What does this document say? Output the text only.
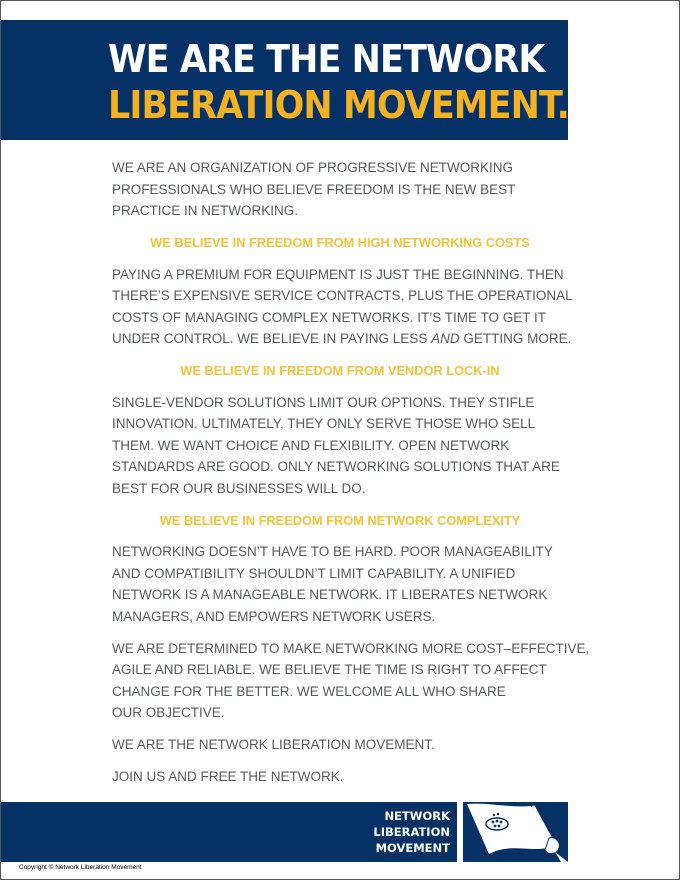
WE ARE THE NETWORK
LIBERATION MOVEMENT.

WE ARE AN ORGANIZATION OF PROGRESSIVE NETWORKING
PROFESSIONALS WHO BELIEVE FREEDOM IS THE NEW BEST
PRACTICE IN NETWORKING.

WE BELIEVE IN FREEDOM FROM HIGH NETWORKING COSTS

PAYING A PREMIUM FOR EQUIPMENT IS JUST THE BEGINNING. THEN
THERE’S EXPENSIVE SERVICE CONTRACTS, PLUS THE OPERATIONAL
COSTS OF MANAGING COMPLEX NETWORKS. IT’S TIME TO GET IT
UNDER CONTROL. WE BELIEVE IN PAYING LESS AND GETTING MORE.

WE BELIEVE IN FREEDOM FROM VENDOR LOCK-IN

SINGLE-VENDOR SOLUTIONS LIMIT OUR OPTIONS. THEY STIFLE
INNOVATION. ULTIMATELY, THEY ONLY SERVE THOSE WHO SELL
THEM. WE WANT CHOICE AND FLEXIBILITY. OPEN NETWORK
STANDARDS ARE GOOD. ONLY NETWORKING SOLUTIONS THAT ARE
BEST FOR OUR BUSINESSES WILL DO.

WE BELIEVE IN FREEDOM FROM NETWORK COMPLEXITY

NETWORKING DOESN’T HAVE TO BE HARD. POOR MANAGEABILITY
AND COMPATIBILITY SHOULDN’T LIMIT CAPABILITY. A UNIFIED
NETWORK IS A MANAGEABLE NETWORK. IT LIBERATES NETWORK
MANAGERS, AND EMPOWERS NETWORK USERS.

WE ARE DETERMINED TO MAKE NETWORKING MORE COST–EFFECTIVE,
AGILE AND RELIABLE. WE BELIEVE THE TIME IS RIGHT TO AFFECT
CHANGE FOR THE BETTER. WE WELCOME ALL WHO SHARE
OUR OBJECTIVE.

WE ARE THE NETWORK LIBERATION MOVEMENT.

JOIN US AND FREE THE NETWORK.

NETWORK
LIBERATION
MOVEMENT
Copyright © Network Liberation Movement
